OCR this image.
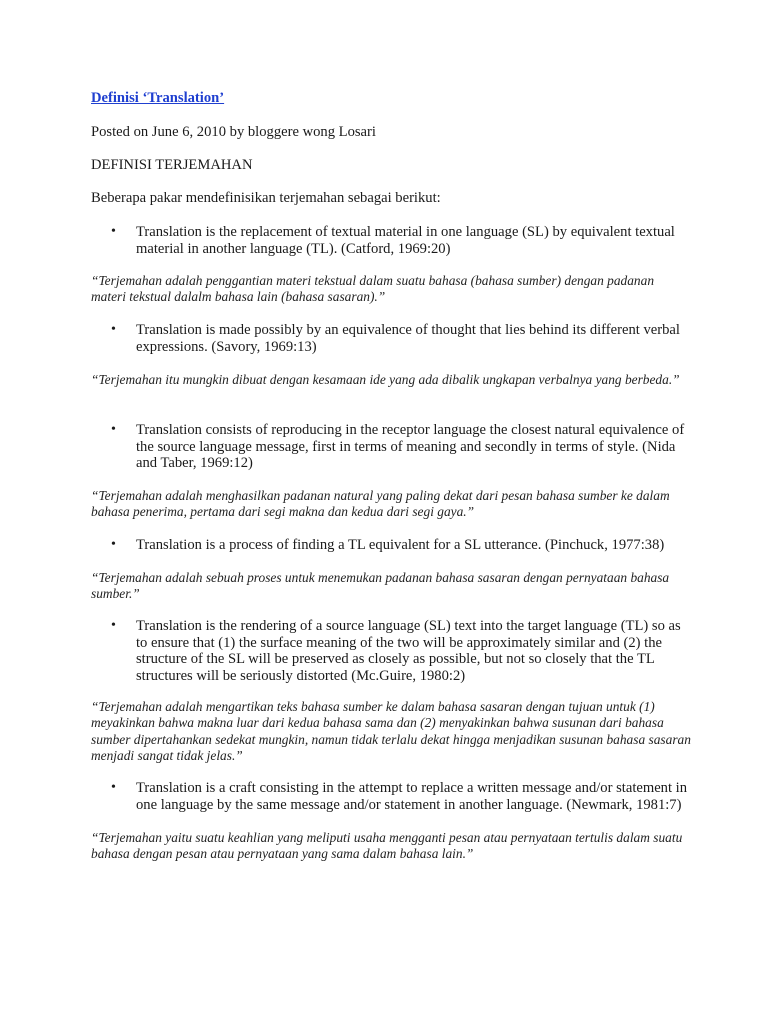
Definisi ‘Translation’

Posted on June 6, 2010 by bloggere wong Losari

DEFINISI TERJEMAHAN

Beberapa pakar mendefinisikan terjemahan sebagai berikut:

• Translation is the replacement of textual material in one language (SL) by equivalent textual material in another language (TL). (Catford, 1969:20)

“Terjemahan adalah penggantian materi tekstual dalam suatu bahasa (bahasa sumber) dengan padanan materi tekstual dalalm bahasa lain (bahasa sasaran).”

• Translation is made possibly by an equivalence of thought that lies behind its different verbal expressions. (Savory, 1969:13)

“Terjemahan itu mungkin dibuat dengan kesamaan ide yang ada dibalik ungkapan verbalnya yang berbeda.”

• Translation consists of reproducing in the receptor language the closest natural equivalence of the source language message, first in terms of meaning and secondly in terms of style. (Nida and Taber, 1969:12)

“Terjemahan adalah menghasilkan padanan natural yang paling dekat dari pesan bahasa sumber ke dalam bahasa penerima, pertama dari segi makna dan kedua dari segi gaya.”

• Translation is a process of finding a TL equivalent for a SL utterance. (Pinchuck, 1977:38)

“Terjemahan adalah sebuah proses untuk menemukan padanan bahasa sasaran dengan pernyataan bahasa sumber.”

• Translation is the rendering of a source language (SL) text into the target language (TL) so as to ensure that (1) the surface meaning of the two will be approximately similar and (2) the structure of the SL will be preserved as closely as possible, but not so closely that the TL structures will be seriously distorted (Mc.Guire, 1980:2)

“Terjemahan adalah mengartikan teks bahasa sumber ke dalam bahasa sasaran dengan tujuan untuk (1) meyakinkan bahwa makna luar dari kedua bahasa sama dan (2) menyakinkan bahwa susunan dari bahasa sumber dipertahankan sedekat mungkin, namun tidak terlalu dekat hingga menjadikan susunan bahasa sasaran menjadi sangat tidak jelas.”

• Translation is a craft consisting in the attempt to replace a written message and/or statement in one language by the same message and/or statement in another language. (Newmark, 1981:7)

“Terjemahan yaitu suatu keahlian yang meliputi usaha mengganti pesan atau pernyataan tertulis dalam suatu bahasa dengan pesan atau pernyataan yang sama dalam bahasa lain.”
